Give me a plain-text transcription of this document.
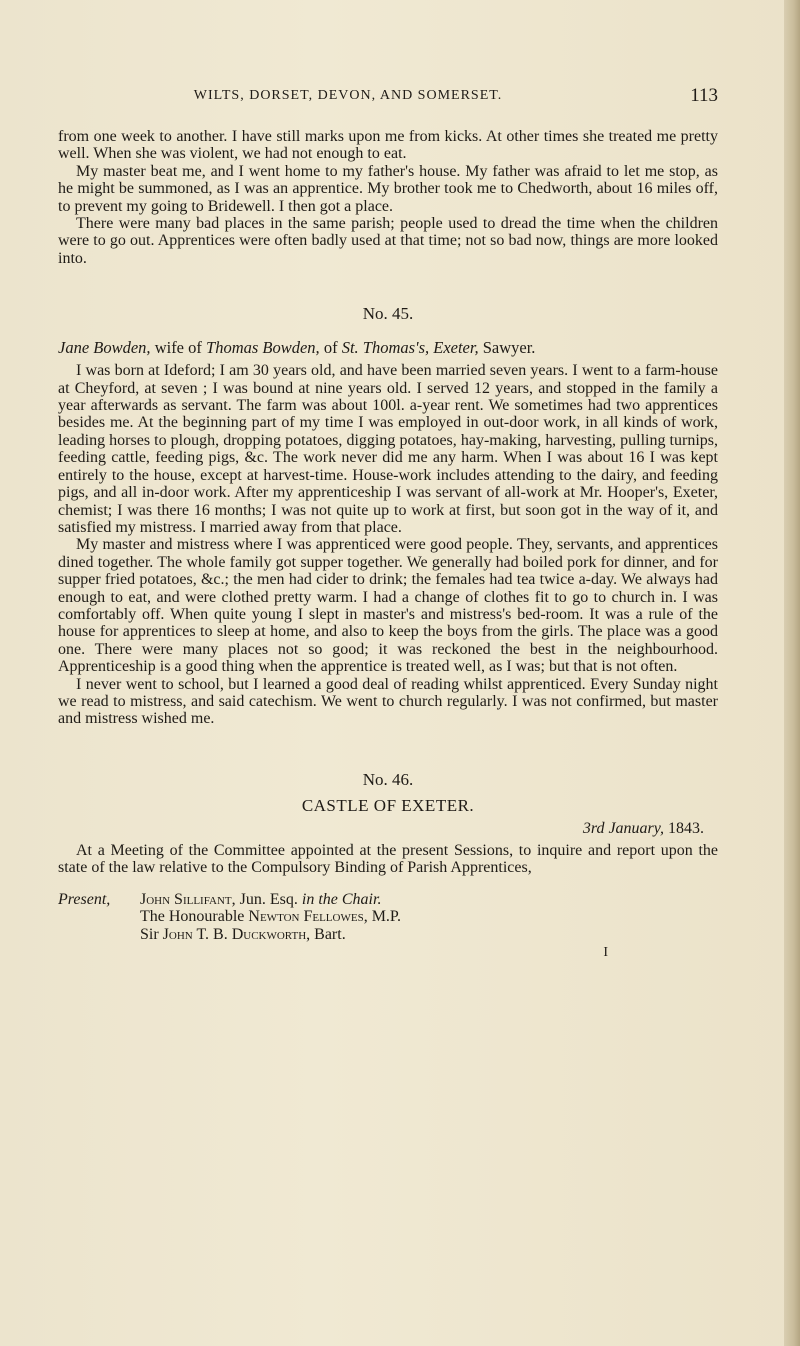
WILTS, DORSET, DEVON, AND SOMERSET.	113

from one week to another. I have still marks upon me from kicks. At other times she treated me pretty well. When she was violent, we had not enough to eat.

My master beat me, and I went home to my father's house. My father was afraid to let me stop, as he might be summoned, as I was an apprentice. My brother took me to Chedworth, about 16 miles off, to prevent my going to Bridewell. I then got a place.

There were many bad places in the same parish; people used to dread the time when the children were to go out. Apprentices were often badly used at that time; not so bad now, things are more looked into.

No. 45.

Jane Bowden, wife of Thomas Bowden, of St. Thomas's, Exeter, Sawyer.

I was born at Ideford; I am 30 years old, and have been married seven years. I went to a farm-house at Cheyford, at seven ; I was bound at nine years old. I served 12 years, and stopped in the family a year afterwards as servant. The farm was about 100l. a-year rent. We sometimes had two apprentices besides me. At the beginning part of my time I was employed in out-door work, in all kinds of work, leading horses to plough, dropping potatoes, digging potatoes, hay-making, harvesting, pulling turnips, feeding cattle, feeding pigs, &c. The work never did me any harm. When I was about 16 I was kept entirely to the house, except at harvest-time. House-work includes attending to the dairy, and feeding pigs, and all in-door work. After my apprenticeship I was servant of all-work at Mr. Hooper's, Exeter, chemist; I was there 16 months; I was not quite up to work at first, but soon got in the way of it, and satisfied my mistress. I married away from that place.

My master and mistress where I was apprenticed were good people. They, servants, and apprentices dined together. The whole family got supper together. We generally had boiled pork for dinner, and for supper fried potatoes, &c.; the men had cider to drink; the females had tea twice a-day. We always had enough to eat, and were clothed pretty warm. I had a change of clothes fit to go to church in. I was comfortably off. When quite young I slept in master's and mistress's bed-room. It was a rule of the house for apprentices to sleep at home, and also to keep the boys from the girls. The place was a good one. There were many places not so good; it was reckoned the best in the neighbourhood. Apprenticeship is a good thing when the apprentice is treated well, as I was; but that is not often.

I never went to school, but I learned a good deal of reading whilst apprenticed. Every Sunday night we read to mistress, and said catechism. We went to church regularly. I was not confirmed, but master and mistress wished me.

No. 46.
CASTLE OF EXETER.
3rd January, 1843.

At a Meeting of the Committee appointed at the present Sessions, to inquire and report upon the state of the law relative to the Compulsory Binding of Parish Apprentices,

Present, John Sillifant, Jun. Esq. in the Chair.
The Honourable Newton Fellowes, M.P.
Sir John T. B. Duckworth, Bart.
I
